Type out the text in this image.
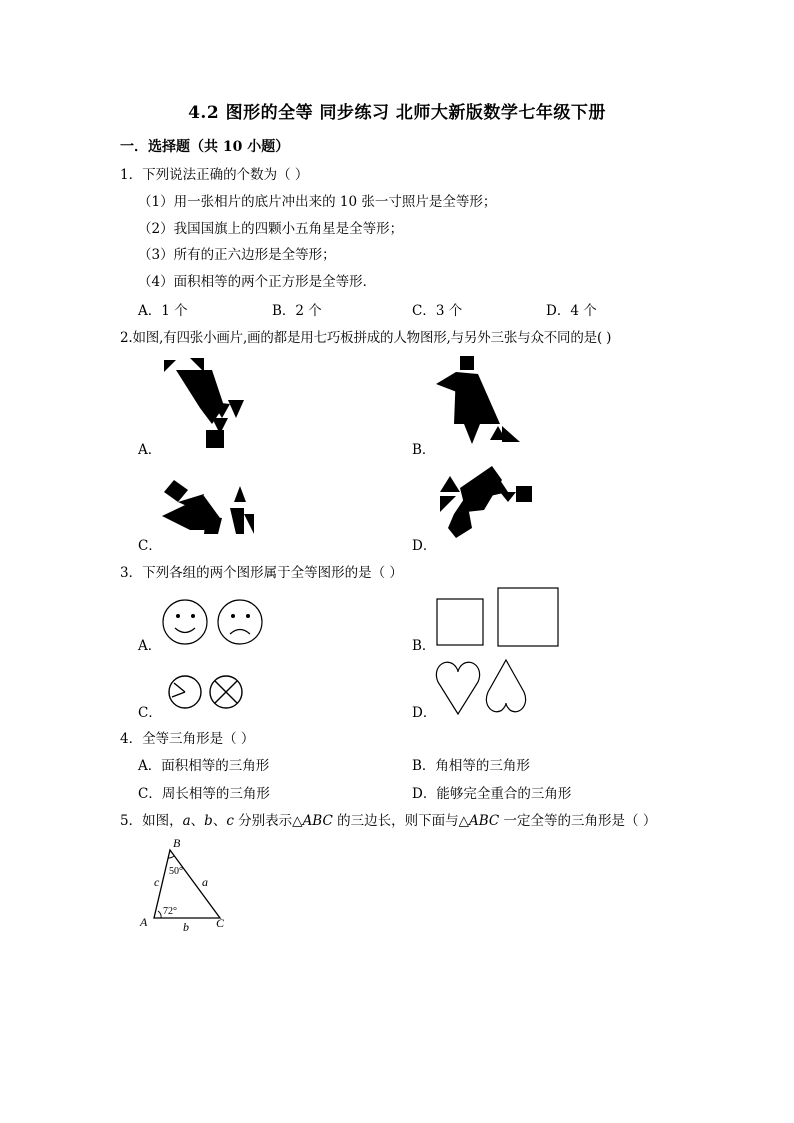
4.2 图形的全等 同步练习 北师大新版数学七年级下册
一．选择题（共 10 小题）
1．下列说法正确的个数为（ ）
（1）用一张相片的底片冲出来的 10 张一寸照片是全等形；
（2）我国国旗上的四颗小五角星是全等形；
（3）所有的正六边形是全等形；
（4）面积相等的两个正方形是全等形．
A．1 个	B．2 个	C．3 个	D．4 个
2.如图,有四张小画片,画的都是用七巧板拼成的人物图形,与另外三张与众不同的是( )
A．	B．
C．	D．
3．下列各组的两个图形属于全等图形的是（ ）
A．	B．
C．	D．
4．全等三角形是（ ）
A．面积相等的三角形	B．角相等的三角形
C．周长相等的三角形	D．能够完全重合的三角形
5．如图，a、b、c 分别表示△ABC 的三边长，则下面与△ABC 一定全等的三角形是（ ）
B
A	C
c	a
b
50°
72°
